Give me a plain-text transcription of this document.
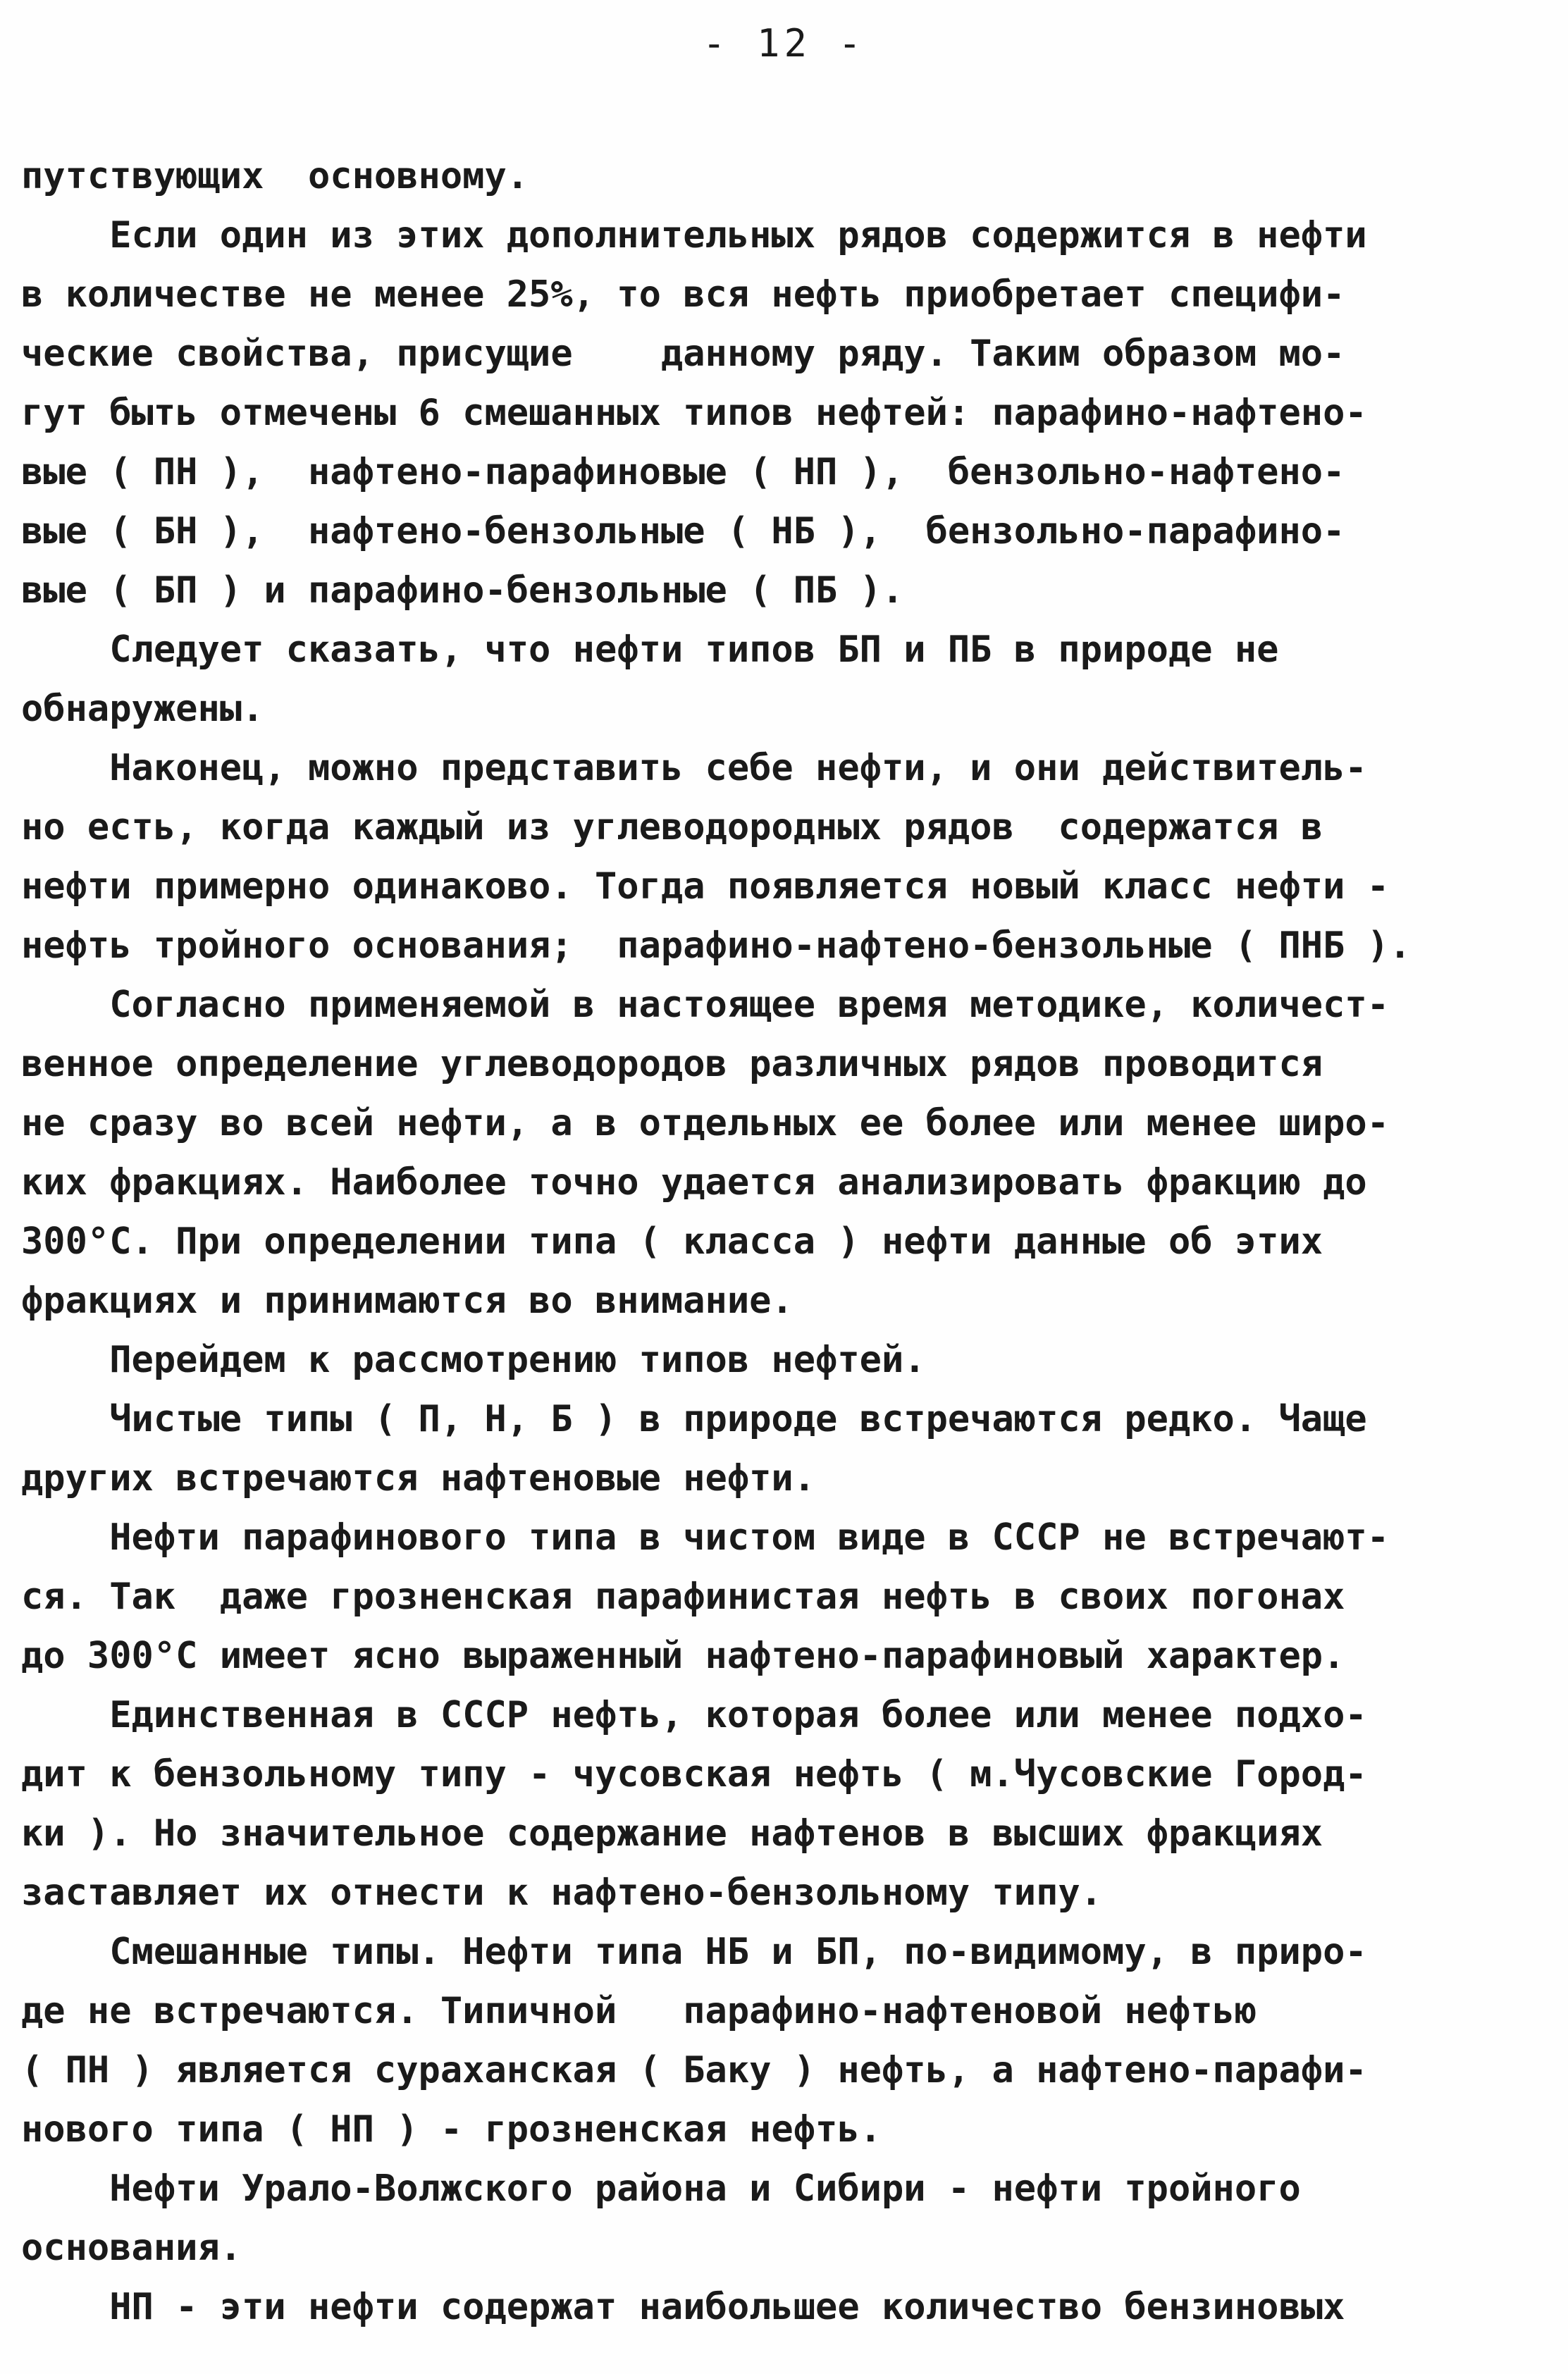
- 12 -
путствующих  основному.
Если один из этих дополнительных рядов содержится в нефти
в количестве не менее 25%, то вся нефть приобретает специфи-
ческие свойства, присущие    данному ряду. Таким образом мо-
гут быть отмечены 6 смешанных типов нефтей: парафино-нафтено-
вые ( ПН ),  нафтено-парафиновые ( НП ),  бензольно-нафтено-
вые ( БН ),  нафтено-бензольные ( НБ ),  бензольно-парафино-
вые ( БП ) и парафино-бензольные ( ПБ ).
Следует сказать, что нефти типов БП и ПБ в природе не
обнаружены.
Наконец, можно представить себе нефти, и они действитель-
но есть, когда каждый из углеводородных рядов  содержатся в
нефти примерно одинаково. Тогда появляется новый класс нефти -
нефть тройного основания;  парафино-нафтено-бензольные ( ПНБ ).
Согласно применяемой в настоящее время методике, количест-
венное определение углеводородов различных рядов проводится
не сразу во всей нефти, а в отдельных ее более или менее широ-
ких фракциях. Наиболее точно удается анализировать фракцию до
300°С. При определении типа ( класса ) нефти данные об этих
фракциях и принимаются во внимание.
Перейдем к рассмотрению типов нефтей.
Чистые типы ( П, Н, Б ) в природе встречаются редко. Чаще
других встречаются нафтеновые нефти.
Нефти парафинового типа в чистом виде в СССР не встречают-
ся. Так  даже грозненская парафинистая нефть в своих погонах
до 300°С имеет ясно выраженный нафтено-парафиновый характер.
Единственная в СССР нефть, которая более или менее подхо-
дит к бензольному типу - чусовская нефть ( м.Чусовские Город-
ки ). Но значительное содержание нафтенов в высших фракциях
заставляет их отнести к нафтено-бензольному типу.
Смешанные типы. Нефти типа НБ и БП, по-видимому, в приро-
де не встречаются. Типичной   парафино-нафтеновой нефтью
( ПН ) является сураханская ( Баку ) нефть, а нафтено-парафи-
нового типа ( НП ) - грозненская нефть.
Нефти Урало-Волжского района и Сибири - нефти тройного
основания.
НП - эти нефти содержат наибольшее количество бензиновых
